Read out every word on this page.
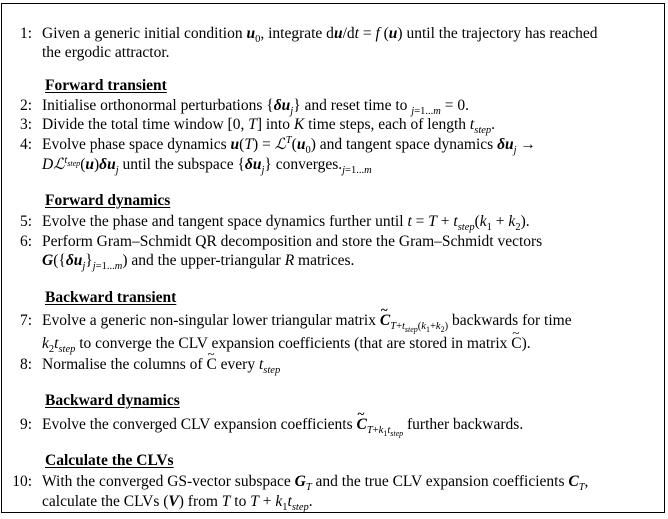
1: Given a generic initial condition $u_0$, integrate du/dt = f (u) until the trajectory has reached
the ergodic attractor.
Forward transient
2: Initialise orthonormal perturbations $\{\delta u_j\}$ and reset time to $_{j=1...m}$ = 0.
3: Divide the total time window [0, T] into K time steps, each of length $t_{step}$.
4: Evolve phase space dynamics $u(T) = ℒ^T(u_0)$ and tangent space dynamics $\delta u_j$ →
$Dℒ^{t_{step}}(u)\delta u_j$ until the subspace $\{\delta u_j\}$ $converges._{j=1...m}$
Forward dynamics
5: Evolve the phase and tangent space dynamics further until $t = T + t_{step}(k_1 + k_2)$.
6: Perform Gram–Schmidt QR decomposition and store the Gram–Schmidt vectors
$G(\{\delta u_j\}_{j=1...m})$ and the upper-triangular R matrices.
Backward transient
7: Evolve a generic non-singular lower triangular matrix ~ $C_{T+t_{step}(k_1+k_2)}$ backwards for time
$k_2t_{step}$ to converge the CLV expansion coefficients (that are stored in matrix ~ C).
8: Normalise the columns of ~ C every $t_{step}$
Backward dynamics
9: Evolve the converged CLV expansion coefficients ~ $C_{T+k_1t_{step}}$ further backwards.
Calculate the CLVs
10: With the converged GS-vector subspace $G_T$ and the true CLV expansion coefficients $C_T$,
calculate the CLVs (V) from T to $T + k_1t_{step}$.
